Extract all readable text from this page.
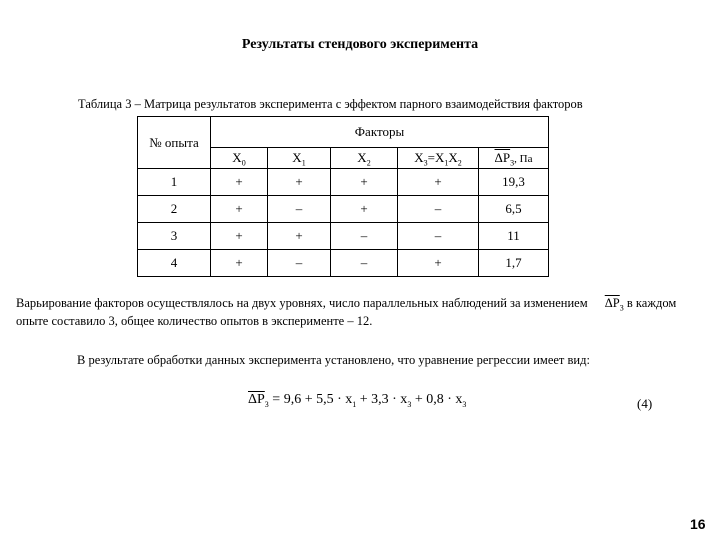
Результаты стендового эксперимента
Таблица 3 – Матрица результатов эксперимента с эффектом парного взаимодействия факторов
№ опыта	Факторы				
	$X_0$	$X_1$	$X_2$	$X_3=X_1X_2$	$\overline{\Delta P}_3$, Па
1	+	+	+	+	19,3
2	+	–	+	–	6,5
3	+	+	–	–	11
4	+	–	–	+	1,7
Варьирование факторов осуществлялось на двух уровнях, число параллельных наблюдений за изменением $\overline{\Delta P}_3$ в каждом опыте составило 3, общее количество опытов в эксперименте – 12.
В результате обработки данных эксперимента установлено, что уравнение регрессии имеет вид:
$\overline{\Delta P}_3 = 9,6 + 5,5 \cdot x_1 + 3,3 \cdot x_3 + 0,8 \cdot x_3$	(4)
16
